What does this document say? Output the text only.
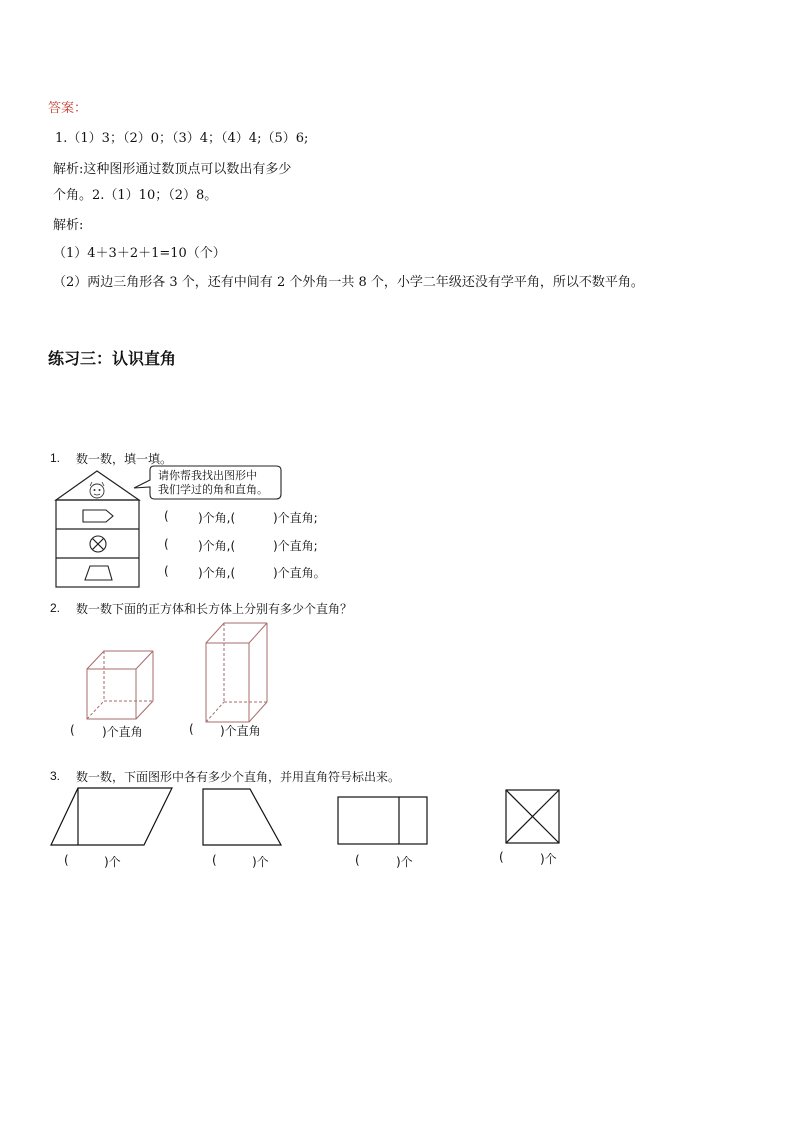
答案：
1.（1）3；（2）0；（3）4；（4）4;（5）6;
解析:这种图形通过数顶点可以数出有多少
个角。2.（1）10；（2）8。
解析:
（1）4＋3＋2＋1=10（个）
（2）两边三角形各 3 个，还有中间有 2 个外角一共 8 个，小学二年级还没有学平角，所以不数平角。
练习三：认识直角
1. 数一数，填一填。
请你帮我找出图形中
我们学过的角和直角。
( )个角,(	)个直角;
( )个角,(	)个直角;
( )个角,(	)个直角。
2. 数一数下面的正方体和长方体上分别有多少个直角？
( )个直角	( )个直角
3. 数一数，下面图形中各有多少个直角，并用直角符号标出来。
(	)个	(	)个	(	)个	(	)个
